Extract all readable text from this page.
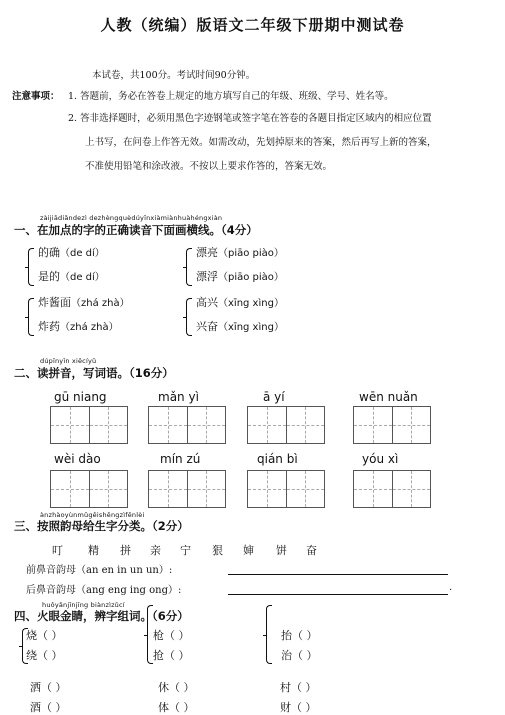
人教（统编）版语文二年级下册期中测试卷
本试卷，共100分。考试时间90分钟。
注意事项： 1. 答题前，务必在答卷上规定的地方填写自己的年级、班级、学号、姓名等。
2. 答非选择题时，必须用黑色字迹钢笔或签字笔在答卷的各题目指定区域内的相应位置
上书写，在问卷上作答无效。如需改动，先划掉原来的答案，然后再写上新的答案，
不准使用铅笔和涂改液。不按以上要求作答的，答案无效。
zàijiādiǎndezì dezhèngquèdúyīnxiàmiànhuàhéngxiàn
一、在加点的字的正确读音下面画横线。（4分）
的确（de dí）
是的（de dí）
漂亮（piāo piào）
漂浮（piāo piào）
炸酱面（zhá zhà）
炸药（zhá zhà）
高兴（xīng xìng）
兴奋（xīng xìng）
dúpīnyīn xiěcíyǔ
二、读拼音，写词语。（16分）
gū niang	mǎn yì	ā yí	wēn nuǎn
wèi dào	mín zú	qián bì	yóu xì
ànzhàoyùnmǔgěishēngzìfēnlèi
三、按照韵母给生字分类。（2分）
叮 精 拼 亲 宁 狠 婶 饼 奋
前鼻音韵母（an en in un un）:
后鼻音韵母（ang eng ing ong）:	.
huǒyǎnjīnjīng biànzìzǔcí
四、火眼金睛，辨字组词。（6分）
烧（ ）
绕（ ）
枪（ ）
抢（ ）
抬（ ）
治（ ）
洒（ ）
酒（ ）
休（ ）
体（ ）
村（ ）
财（ ）
